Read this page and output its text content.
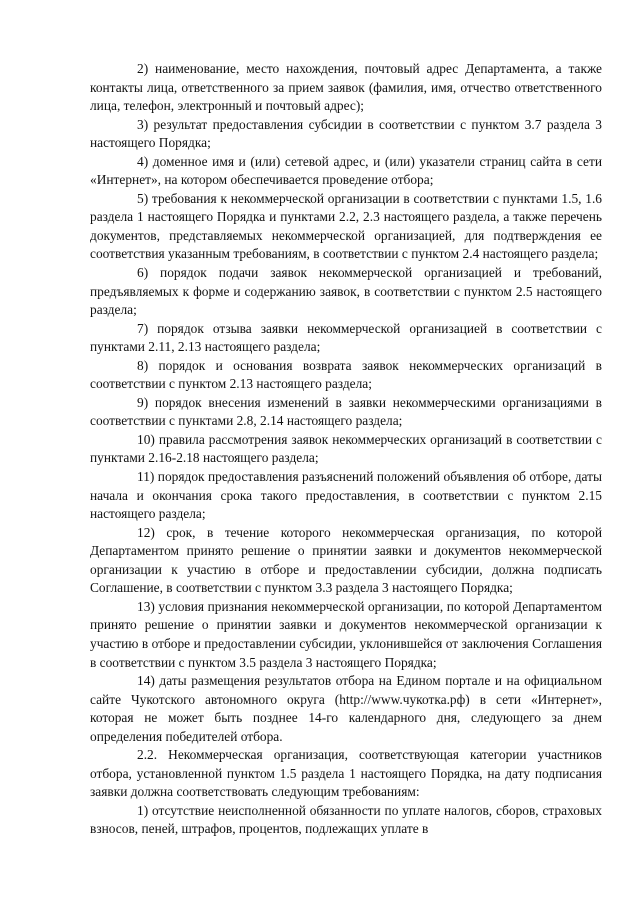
2) наименование, место нахождения, почтовый адрес Департамента, а также контакты лица, ответственного за прием заявок (фамилия, имя, отчество ответственного лица, телефон, электронный и почтовый адрес);

3) результат предоставления субсидии в соответствии с пунктом 3.7 раздела 3 настоящего Порядка;

4) доменное имя и (или) сетевой адрес, и (или) указатели страниц сайта в сети «Интернет», на котором обеспечивается проведение отбора;

5) требования к некоммерческой организации в соответствии с пунктами 1.5, 1.6 раздела 1 настоящего Порядка и пунктами 2.2, 2.3 настоящего раздела, а также перечень документов, представляемых некоммерческой организацией, для подтверждения ее соответствия указанным требованиям, в соответствии с пунктом 2.4 настоящего раздела;

6) порядок подачи заявок некоммерческой организацией и требований, предъявляемых к форме и содержанию заявок, в соответствии с пунктом 2.5 настоящего раздела;

7) порядок отзыва заявки некоммерческой организацией в соответствии с пунктами 2.11, 2.13 настоящего раздела;

8) порядок и основания возврата заявок некоммерческих организаций в соответствии с пунктом 2.13 настоящего раздела;

9) порядок внесения изменений в заявки некоммерческими организациями в соответствии с пунктами 2.8, 2.14 настоящего раздела;

10) правила рассмотрения заявок некоммерческих организаций в соответствии с пунктами 2.16-2.18 настоящего раздела;

11) порядок предоставления разъяснений положений объявления об отборе, даты начала и окончания срока такого предоставления, в соответствии с пунктом 2.15 настоящего раздела;

12) срок, в течение которого некоммерческая организация, по которой Департаментом принято решение о принятии заявки и документов некоммерческой организации к участию в отборе и предоставлении субсидии, должна подписать Соглашение, в соответствии с пунктом 3.3 раздела 3 настоящего Порядка;

13) условия признания некоммерческой организации, по которой Департаментом принято решение о принятии заявки и документов некоммерческой организации к участию в отборе и предоставлении субсидии, уклонившейся от заключения Соглашения в соответствии с пунктом 3.5 раздела 3 настоящего Порядка;

14) даты размещения результатов отбора на Едином портале и на официальном сайте Чукотского автономного округа (http://www.чукотка.рф) в сети «Интернет», которая не может быть позднее 14-го календарного дня, следующего за днем определения победителей отбора.

2.2. Некоммерческая организация, соответствующая категории участников отбора, установленной пунктом 1.5 раздела 1 настоящего Порядка, на дату подписания заявки должна соответствовать следующим требованиям:

1) отсутствие неисполненной обязанности по уплате налогов, сборов, страховых взносов, пеней, штрафов, процентов, подлежащих уплате в
